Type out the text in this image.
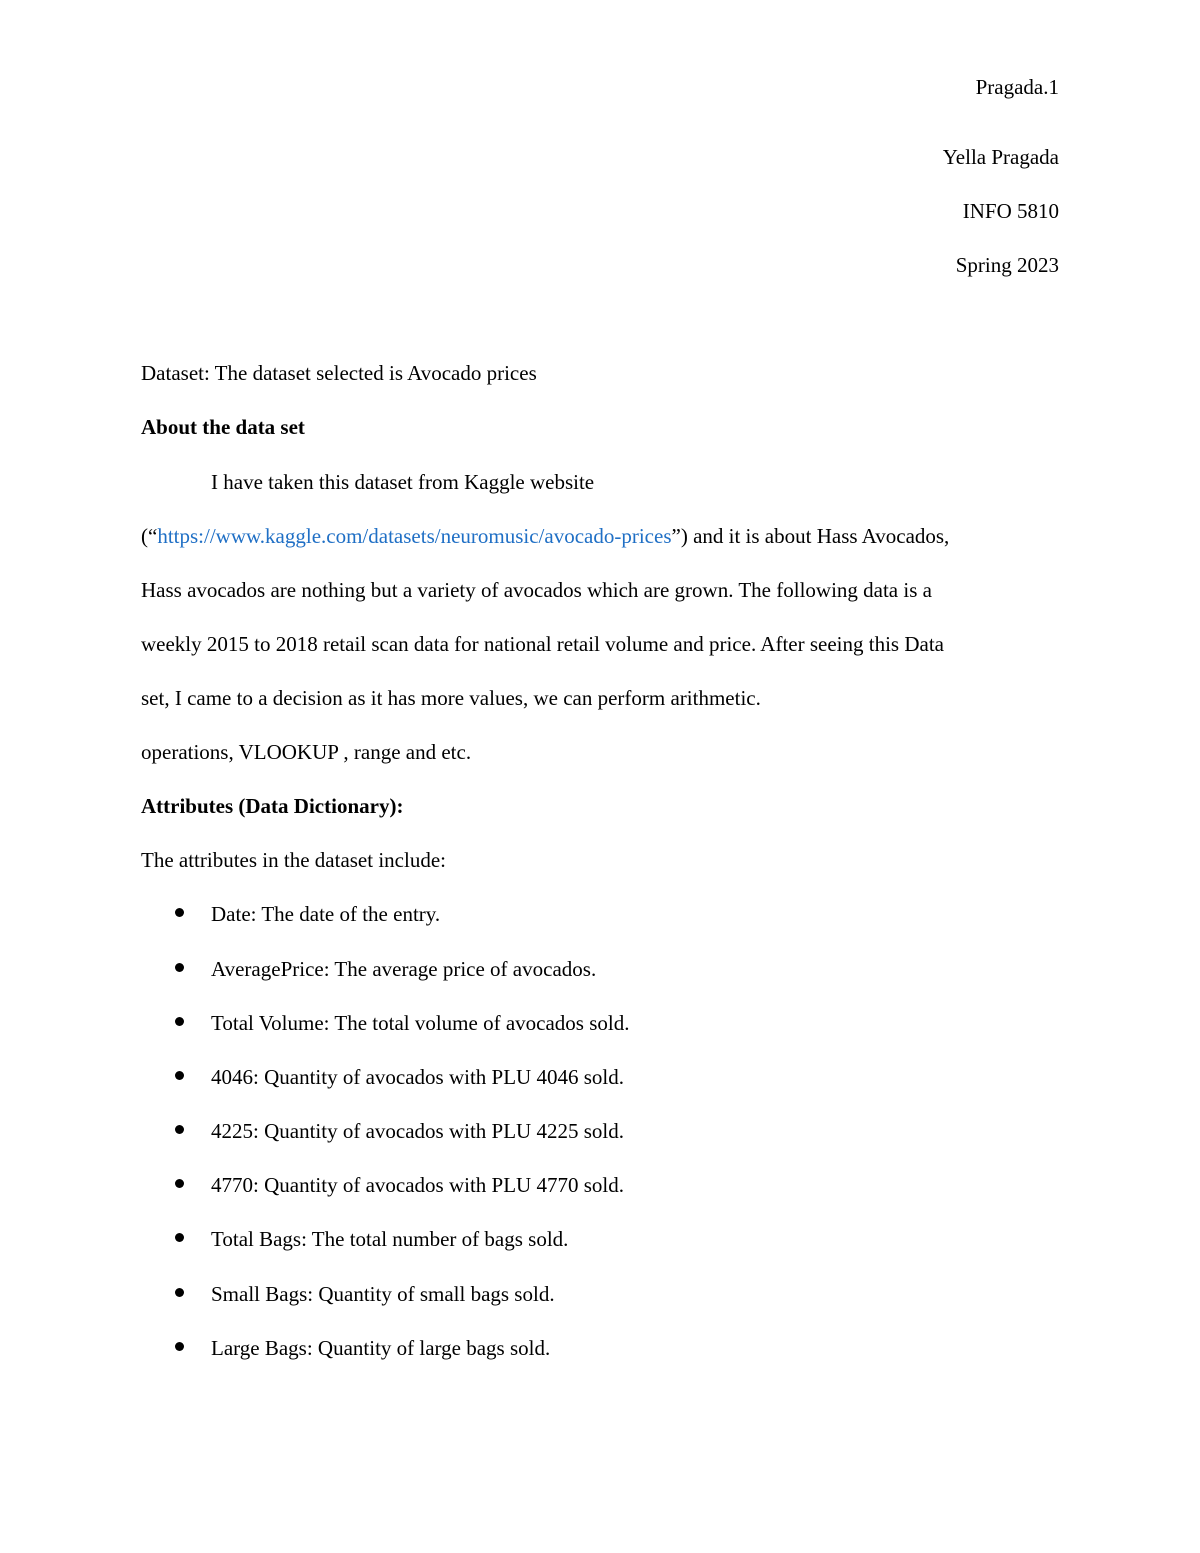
Pragada.1
Yella Pragada
INFO 5810
Spring 2023
Dataset: The dataset selected is Avocado prices
About the data set
I have taken this dataset from Kaggle website
(“https://www.kaggle.com/datasets/neuromusic/avocado-prices”) and it is about Hass Avocados,
Hass avocados are nothing but a variety of avocados which are grown. The following data is a
weekly 2015 to 2018 retail scan data for national retail volume and price. After seeing this Data
set, I came to a decision as it has more values, we can perform arithmetic.
operations, VLOOKUP , range and etc.
Attributes (Data Dictionary):
The attributes in the dataset include:
Date: The date of the entry.
AveragePrice: The average price of avocados.
Total Volume: The total volume of avocados sold.
4046: Quantity of avocados with PLU 4046 sold.
4225: Quantity of avocados with PLU 4225 sold.
4770: Quantity of avocados with PLU 4770 sold.
Total Bags: The total number of bags sold.
Small Bags: Quantity of small bags sold.
Large Bags: Quantity of large bags sold.
